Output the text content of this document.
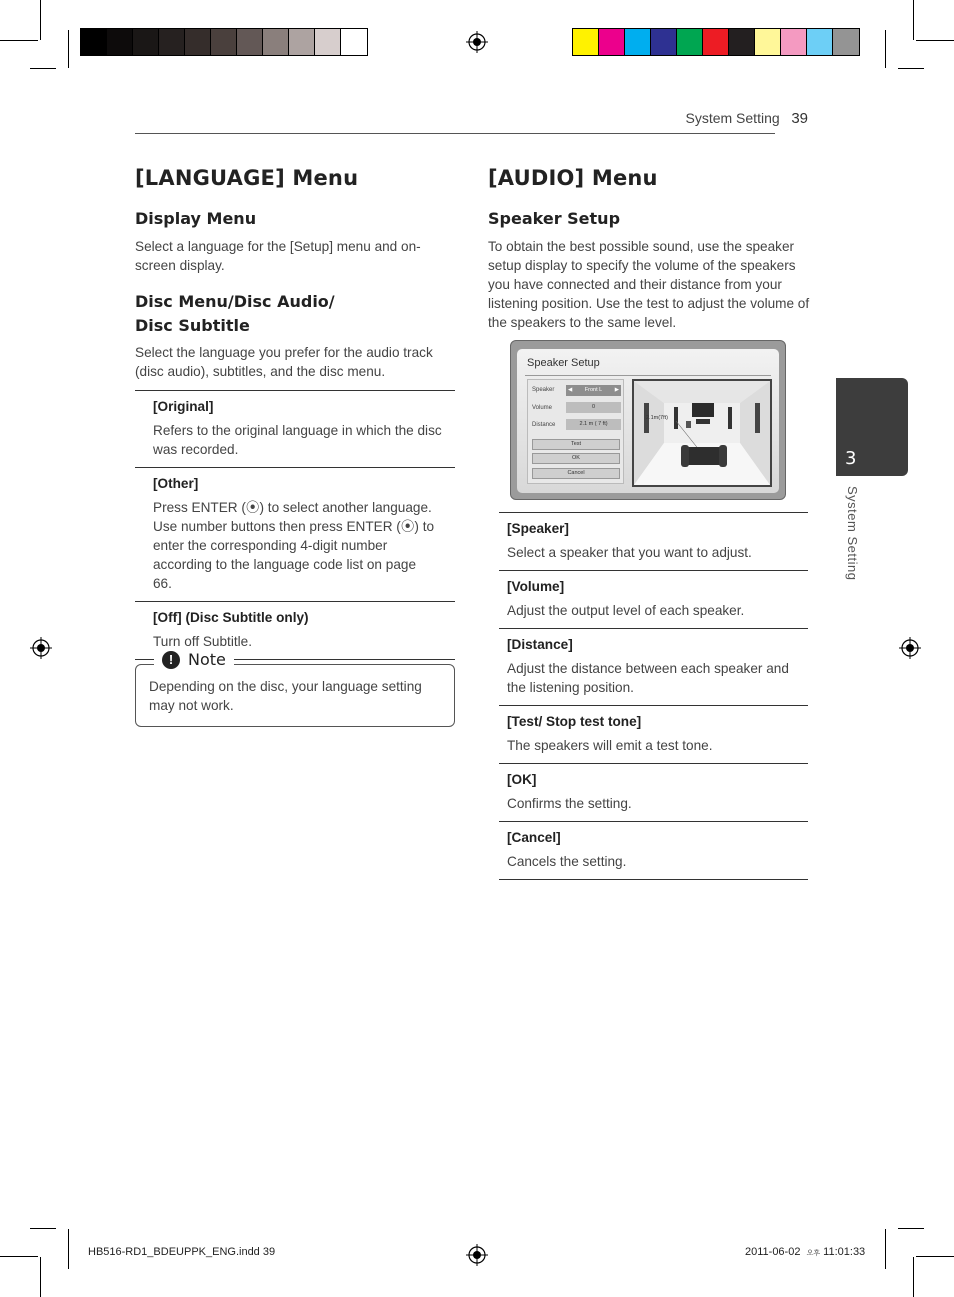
System Setting 39
[LANGUAGE] Menu
Display Menu
Select a language for the [Setup] menu and on-screen display.
Disc Menu/Disc Audio/
Disc Subtitle
Select the language you prefer for the audio track (disc audio), subtitles, and the disc menu.
[Original]
Refers to the original language in which the disc was recorded.
[Other]
Press ENTER (⦿) to select another language. Use number buttons then press ENTER (⦿) to enter the corresponding 4-digit number according to the language code list on page 66.
[Off] (Disc Subtitle only)
Turn off Subtitle.
Depending on the disc, your language setting may not work.
! Note
[AUDIO] Menu
Speaker Setup
To obtain the best possible sound, use the speaker setup display to specify the volume of the speakers you have connected and their distance from your listening position. Use the test to adjust the volume of the speakers to the same level.
Speaker Setup
Speaker	◀ Front L ▶
Volume	0
Distance	2.1 m ( 7 ft)
Test
OK
Cancel
2.1m(7ft)
[Speaker]
Select a speaker that you want to adjust.
[Volume]
Adjust the output level of each speaker.
[Distance]
Adjust the distance between each speaker and the listening position.
[Test/ Stop test tone]
The speakers will emit a test tone.
[OK]
Confirms the setting.
[Cancel]
Cancels the setting.
3
System Setting
HB516-RD1_BDEUPPK_ENG.indd 39	2011-06-02 오후 11:01:33
